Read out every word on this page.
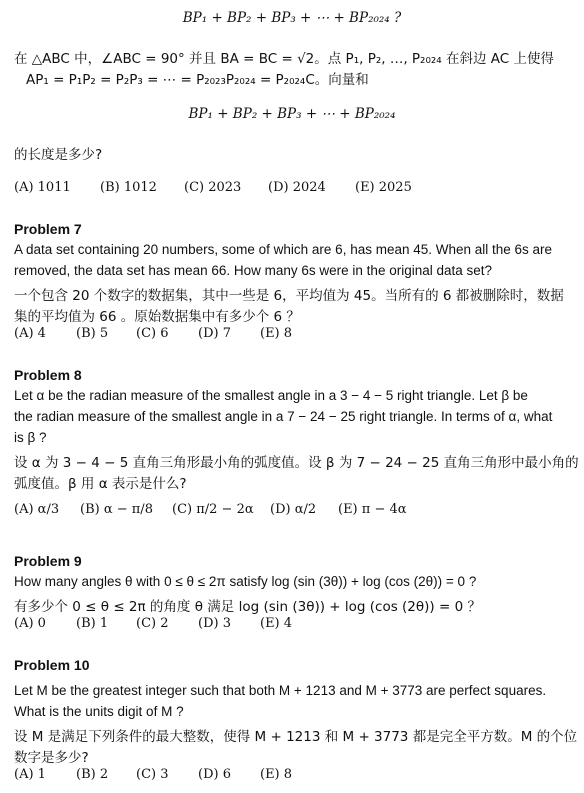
BP₁ + BP₂ + BP₃ + ⋯ + BP₂₀₂₄ ?
在 △ABC 中，∠ABC = 90° 并且 BA = BC = √2。点 P₁, P₂, …, P₂₀₂₄ 在斜边 AC 上使得
AP₁ = P₁P₂ = P₂P₃ = ⋯ = P₂₀₂₃P₂₀₂₄ = P₂₀₂₄C。向量和
BP₁ + BP₂ + BP₃ + ⋯ + BP₂₀₂₄
的长度是多少?
(A) 1011 (B) 1012 (C) 2023 (D) 2024 (E) 2025
Problem 7
A data set containing 20 numbers, some of which are 6, has mean 45. When all the 6s are
removed, the data set has mean 66. How many 6s were in the original data set?
一个包含 20 个数字的数据集，其中一些是 6，平均值为 45。当所有的 6 都被删除时，数据
集的平均值为 66 。原始数据集中有多少个 6 ？
(A) 4 (B) 5 (C) 6 (D) 7 (E) 8
Problem 8
Let α be the radian measure of the smallest angle in a 3 − 4 − 5 right triangle. Let β be
the radian measure of the smallest angle in a 7 − 24 − 25 right triangle. In terms of α, what
is β ?
设 α 为 3 − 4 − 5 直角三角形最小角的弧度值。设 β 为 7 − 24 − 25 直角三角形中最小角的
弧度值。β 用 α 表示是什么?
(A) α/3 (B) α − π/8 (C) π/2 − 2α (D) α/2 (E) π − 4α
Problem 9
How many angles θ with 0 ≤ θ ≤ 2π satisfy log (sin (3θ)) + log (cos (2θ)) = 0 ?
有多少个 0 ≤ θ ≤ 2π 的角度 θ 满足 log (sin (3θ)) + log (cos (2θ)) = 0 ？
(A) 0 (B) 1 (C) 2 (D) 3 (E) 4
Problem 10
Let M be the greatest integer such that both M + 1213 and M + 3773 are perfect squares.
What is the units digit of M ?
设 M 是满足下列条件的最大整数，使得 M + 1213 和 M + 3773 都是完全平方数。M 的个位
数字是多少?
(A) 1 (B) 2 (C) 3 (D) 6 (E) 8
